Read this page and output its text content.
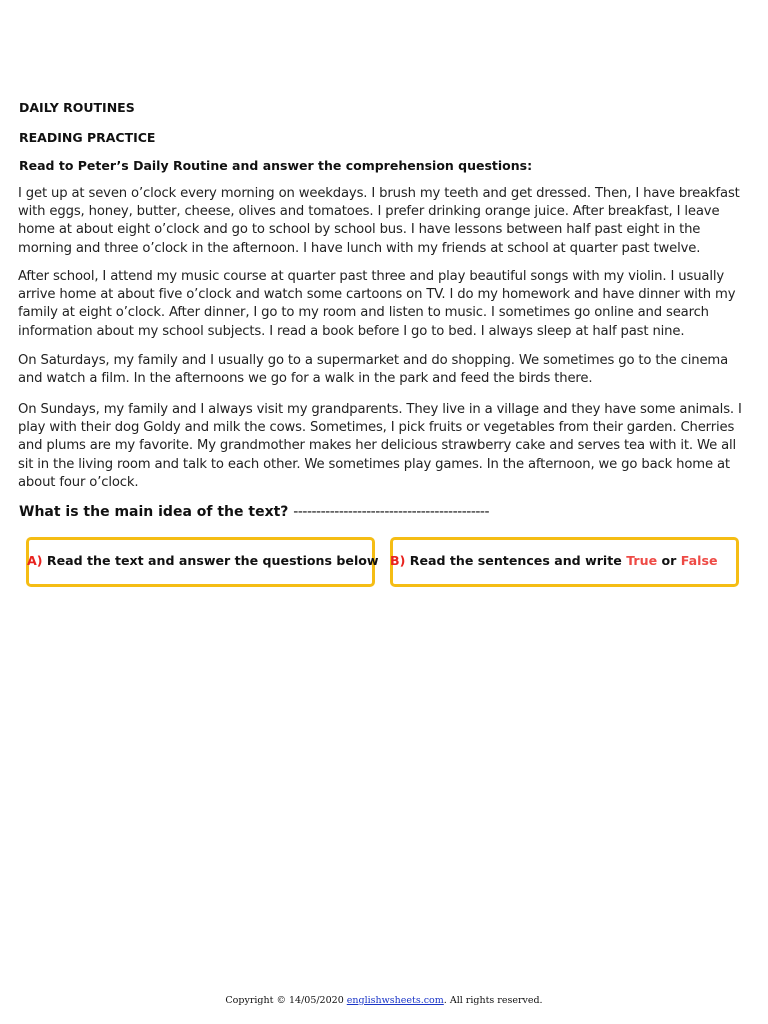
DAILY ROUTINES
READING PRACTICE
Read to Peter’s Daily Routine and answer the comprehension questions:

I get up at seven o’clock every morning on weekdays. I brush my teeth and get dressed. Then, I have breakfast with eggs, honey, butter, cheese, olives and tomatoes. I prefer drinking orange juice. After breakfast, I leave home at about eight o’clock and go to school by school bus. I have lessons between half past eight in the morning and three o’clock in the afternoon. I have lunch with my friends at school at quarter past twelve.

After school, I attend my music course at quarter past three and play beautiful songs with my violin. I usually arrive home at about five o’clock and watch some cartoons on TV. I do my homework and have dinner with my family at eight o’clock. After dinner, I go to my room and listen to music. I sometimes go online and search information about my school subjects. I read a book before I go to bed. I always sleep at half past nine.

On Saturdays, my family and I usually go to a supermarket and do shopping. We sometimes go to the cinema and watch a film. In the afternoons we go for a walk in the park and feed the birds there.

On Sundays, my family and I always visit my grandparents. They live in a village and they have some animals. I play with their dog Goldy and milk the cows. Sometimes, I pick fruits or vegetables from their garden. Cherries and plums are my favorite. My grandmother makes her delicious strawberry cake and serves tea with it. We all sit in the living room and talk to each other. We sometimes play games. In the afternoon, we go back home at about four o’clock.

What is the main idea of the text? -------------------------------------------
A) Read the text and answer the questions below B) Read the sentences and write True or False
Copyright © 14/05/2020 englishwsheets.com. All rights reserved.
